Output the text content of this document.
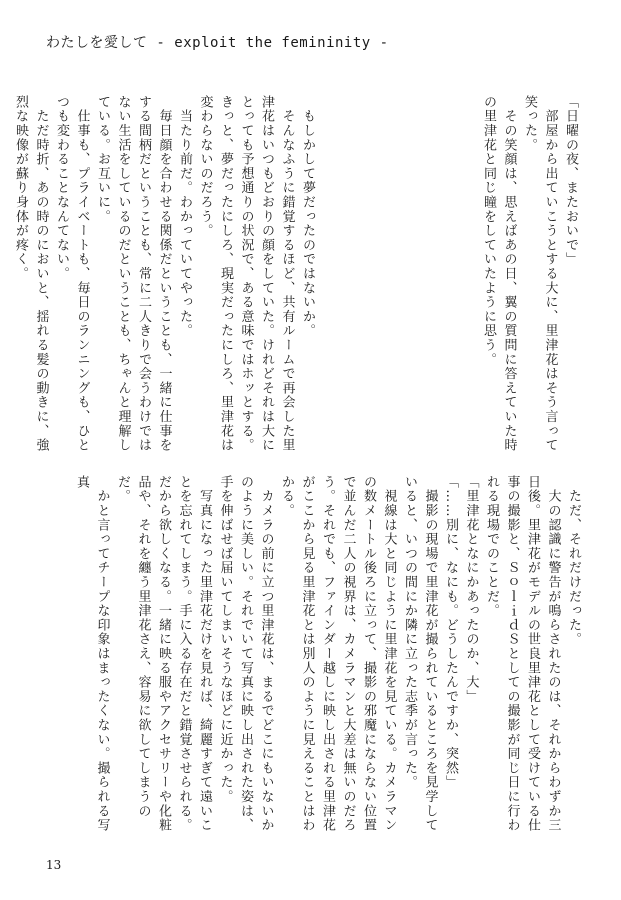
わたしを愛して - exploit the femininity -

「日曜の夜、またおいで」

　部屋から出ていこうとする大に、里津花はそう言って笑った。

　その笑顔は、思えばあの日、翼の質問に答えていた時の里津花と同じ瞳をしていたように思う。

　もしかして夢だったのではないか。

　そんなふうに錯覚するほど、共有ルームで再会した里津花はいつもどおりの顔をしていた。けれどそれは大にとっても予想通りの状況で、ある意味ではホッとする。きっと、夢だったにしろ、現実だったにしろ、里津花は変わらないのだろう。

　当たり前だ。わかっていてやった。

　毎日顔を合わせる関係だということも、一緒に仕事をする間柄だということも、常に二人きりで会うわけではない生活をしているのだということも、ちゃんと理解している。お互いに。

　仕事も、プライベートも、毎日のランニングも、ひとつも変わることなんてない。

　ただ時折、あの時のにおいと、揺れる髪の動きに、強烈な映像が蘇り身体が疼く。

　ただ、それだけだった。

　大の認識に警告が鳴らされたのは、それからわずか三日後。里津花がモデルの世良里津花として受けている仕事の撮影と、ＳｏｌｉｄＳとしての撮影が同じ日に行われる現場でのことだ。

「里津花となにかあったのか、大」

「……別に、なにも。どうしたんですか、突然」

　撮影の現場で里津花が撮られているところを見学していると、いつの間にか隣に立った志季が言った。

　視線は大と同じように里津花を見ている。カメラマンの数メートル後ろに立って、撮影の邪魔にならない位置で並んだ二人の視界は、カメラマンと大差は無いのだろう。それでも、ファインダー越しに映し出される里津花がここから見る里津花とは別人のように見えることはわかる。

　カメラの前に立つ里津花は、まるでどこにもいないかのように美しい。それでいて写真に映し出された姿は、手を伸ばせば届いてしまいそうなほどに近かった。

　写真になった里津花だけを見れば、綺麗すぎて遠いことを忘れてしまう。手に入る存在だと錯覚させられる。だから欲しくなる。一緒に映る服やアクセサリーや化粧品や、それを纏う里津花さえ、容易に欲してしまうのだ。

　かと言ってチープな印象はまったくない。撮られる写真

13
